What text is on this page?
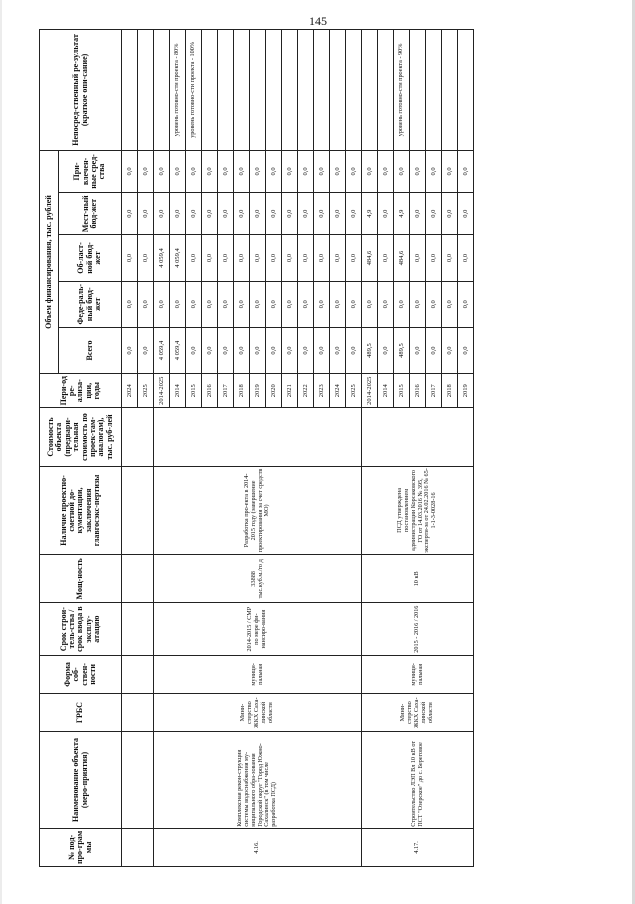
145
№ под-про-грам мы	Наименование объекта (меро-приятия)	ГРБС	Форма соб-ствен-ности	Срок строи-тель-ства / срок ввода в эксплу-атацию	Мощ-ность	Наличие проектно-сметной до-кументации, заключения главгосэкс-пертизы	Стоимость объекта (предвари-тельная стоимость по проек-там-аналогам), тыс. руб-лей	Пери-од ре-ализа-ции, годы	Объем финансирования, тыс. рублей					Непосред-ственный ре-зультат (краткое опи-сание)
									Всего	Феде-раль-ный бюд-жет	Об-ласт-ной бюд-жет	Мест-ный бюд-жет	При-влечен-ные сред-ства	
								2024	0,0	0,0	0,0	0,0	0,0	
								2025	0,0	0,0	0,0	0,0	0,0	
4.16.	Комплексная рекон-струкция системы водоснабжения му-ниципального обра-зования Городской округ "Город Южно-Сахалинск" (в том числе разработка ПСД)	Мини-стерство ЖКХ Саха-линской области	муници-пальная	2014-2015 / СМР по мере фи-нансиро-вания	33888 тыс.куб.м./го д	Разработка про-екта в 2014-2015 году (завершение проектирования за счет средств МО)		2014-2025	4 059,4	0,0	4 059,4	0,0	0,0	
								2014	4 059,4	0,0	4 059,4	0,0	0,0	уровень готовно-сти проекта - 80%
								2015	0,0	0,0	0,0	0,0	0,0	уровень готовно-сти проекта - 100%
								2016	0,0	0,0	0,0	0,0	0,0	
								2017	0,0	0,0	0,0	0,0	0,0	
								2018	0,0	0,0	0,0	0,0	0,0	
								2019	0,0	0,0	0,0	0,0	0,0	
								2020	0,0	0,0	0,0	0,0	0,0	
								2021	0,0	0,0	0,0	0,0	0,0	
								2022	0,0	0,0	0,0	0,0	0,0	
								2023	0,0	0,0	0,0	0,0	0,0	
								2024	0,0	0,0	0,0	0,0	0,0	
								2025	0,0	0,0	0,0	0,0	0,0	
4.17.	Строительство ЛЭП Вл 10 кВ от ПСТ "Озерское" до с. Береговое	Мини-стерство ЖКХ Саха-линской области	муници-пальная	2015 - 2016 / 2016	10 кВ	ПСД утверждена постановлением администрации Корсаковского ГО от 14.03.2016 № 395, эксперти-за от 24.02.2016 № 65-1-1-3-0028-16		2014-2025	489,5	0,0	484,6	4,9	0,0	
								2014	0,0	0,0	0,0	0,0	0,0	
								2015	489,5	0,0	484,6	4,9	0,0	уровень готовно-сти проекта - 90%
								2016	0,0	0,0	0,0	0,0	0,0	
								2017	0,0	0,0	0,0	0,0	0,0	
								2018	0,0	0,0	0,0	0,0	0,0	
								2019	0,0	0,0	0,0	0,0	0,0	
